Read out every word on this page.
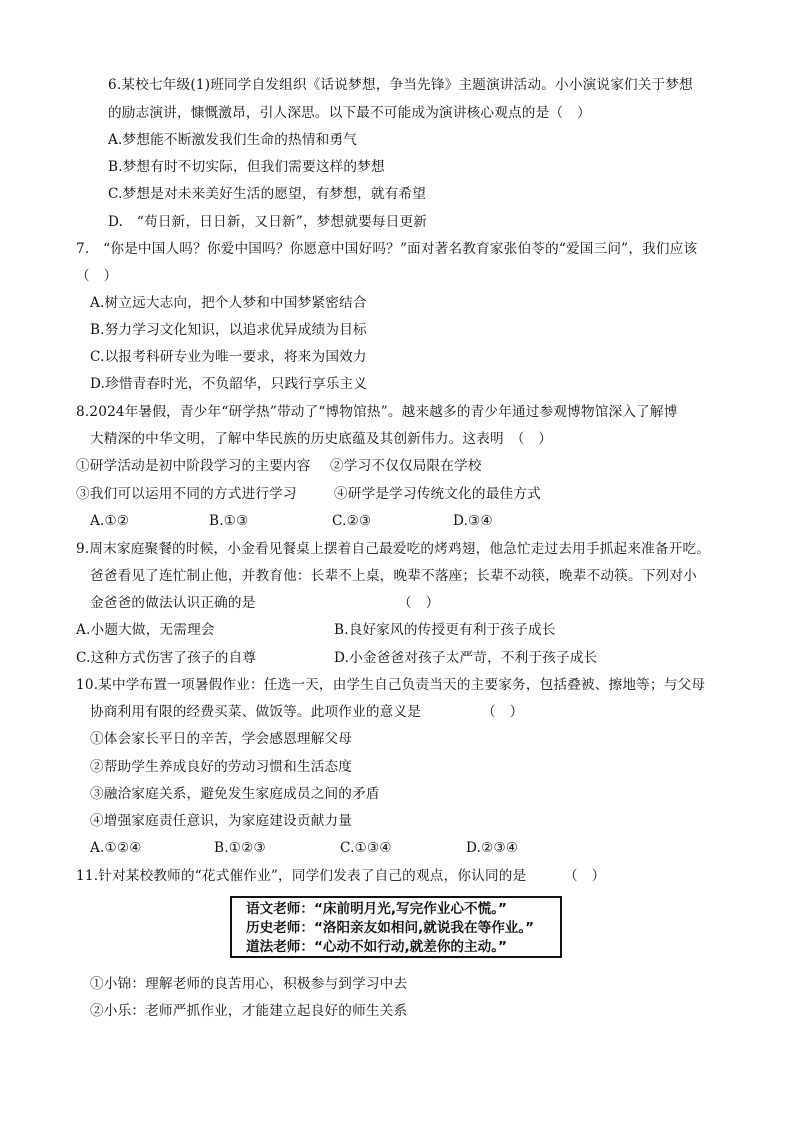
6.某校七年级(1)班同学自发组织《话说梦想，争当先锋》主题演讲活动。小小演说家们关于梦想
的励志演讲，慷慨激昂，引人深思。以下最不可能成为演讲核心观点的是（　）
A.梦想能不断激发我们生命的热情和勇气
B.梦想有时不切实际，但我们需要这样的梦想
C.梦想是对未来美好生活的愿望，有梦想，就有希望
D.　“苟日新，日日新，又日新”，梦想就要每日更新
7.　“你是中国人吗？你爱中国吗？你愿意中国好吗？”面对著名教育家张伯苓的“爱国三问”，我们应该
（　）
A.树立远大志向，把个人梦和中国梦紧密结合
B.努力学习文化知识，以追求优异成绩为目标
C.以报考科研专业为唯一要求，将来为国效力
D.珍惜青春时光，不负韶华，只践行享乐主义
8.2024年暑假，青少年“研学热”带动了“博物馆热”。越来越多的青少年通过参观博物馆深入了解博
大精深的中华文明，了解中华民族的历史底蕴及其创新伟力。这表明　（　）
①研学活动是初中阶段学习的主要内容 ②学习不仅仅局限在学校
③我们可以运用不同的方式进行学习	④研学是学习传统文化的最佳方式
A.①②	B.①③	C.②③	D.③④
9.周末家庭聚餐的时候，小金看见餐桌上摆着自己最爱吃的烤鸡翅，他急忙走过去用手抓起来准备开吃。
爸爸看见了连忙制止他，并教育他：长辈不上桌，晚辈不落座；长辈不动筷，晚辈不动筷。下列对小
金爸爸的做法认识正确的是	（　）
A.小题大做，无需理会	B.良好家风的传授更有利于孩子成长
C.这种方式伤害了孩子的自尊	D.小金爸爸对孩子太严苛，不利于孩子成长
10.某中学布置一项暑假作业：任选一天，由学生自己负责当天的主要家务，包括叠被、擦地等；与父母
协商利用有限的经费买菜、做饭等。此项作业的意义是	（　）
①体会家长平日的辛苦，学会感恩理解父母
②帮助学生养成良好的劳动习惯和生活态度
③融洽家庭关系，避免发生家庭成员之间的矛盾
④增强家庭责任意识，为家庭建设贡献力量
A.①②④	B.①②③	C.①③④	D.②③④
11.针对某校教师的“花式催作业”，同学们发表了自己的观点，你认同的是	（　）
语文老师：“床前明月光,写完作业心不慌。”
历史老师：“洛阳亲友如相问,就说我在等作业。”
道法老师：“心动不如行动,就差你的主动。”
①小锦：理解老师的良苦用心，积极参与到学习中去
②小乐：老师严抓作业，才能建立起良好的师生关系
